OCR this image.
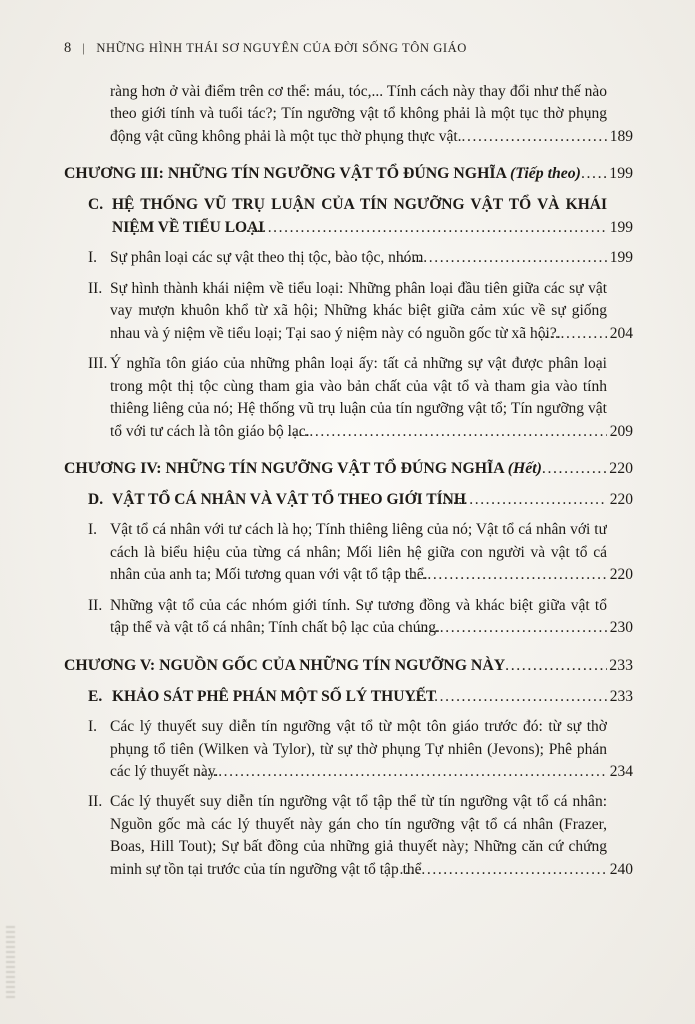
8 | NHỮNG HÌNH THÁI SƠ NGUYÊN CỦA ĐỜI SỐNG TÔN GIÁO
ràng hơn ở vài điểm trên cơ thể: máu, tóc,... Tính cách này thay đổi như thế nào theo giới tính và tuổi tác?; Tín ngưỡng vật tổ không phải là một tục thờ phụng động vật cũng không phải là một tục thờ phụng thực vật.	189
CHƯƠNG III: NHỮNG TÍN NGƯỠNG VẬT TỔ ĐÚNG NGHĨA (Tiếp theo)	199
C. HỆ THỐNG VŨ TRỤ LUẬN CỦA TÍN NGƯỠNG VẬT TỔ VÀ KHÁI NIỆM VỀ TIỂU LOẠI	199
I. Sự phân loại các sự vật theo thị tộc, bào tộc, nhóm	199
II. Sự hình thành khái niệm về tiểu loại: Những phân loại đầu tiên giữa các sự vật vay mượn khuôn khổ từ xã hội; Những khác biệt giữa cảm xúc về sự giống nhau và ý niệm về tiểu loại; Tại sao ý niệm này có nguồn gốc từ xã hội?.	204
III. Ý nghĩa tôn giáo của những phân loại ấy: tất cả những sự vật được phân loại trong một thị tộc cùng tham gia vào bản chất của vật tổ và tham gia vào tính thiêng liêng của nó; Hệ thống vũ trụ luận của tín ngưỡng vật tổ; Tín ngưỡng vật tổ với tư cách là tôn giáo bộ lạc.	209
CHƯƠNG IV: NHỮNG TÍN NGƯỠNG VẬT TỔ ĐÚNG NGHĨA (Hết)	220
D. VẬT TỔ CÁ NHÂN VÀ VẬT TỔ THEO GIỚI TÍNH	220
I. Vật tổ cá nhân với tư cách là họ; Tính thiêng liêng của nó; Vật tổ cá nhân với tư cách là biểu hiệu của từng cá nhân; Mối liên hệ giữa con người và vật tổ cá nhân của anh ta; Mối tương quan với vật tổ tập thể.	220
II. Những vật tổ của các nhóm giới tính. Sự tương đồng và khác biệt giữa vật tổ tập thể và vật tổ cá nhân; Tính chất bộ lạc của chúng.	230
CHƯƠNG V: NGUỒN GỐC CỦA NHỮNG TÍN NGƯỠNG NÀY	233
E. KHẢO SÁT PHÊ PHÁN MỘT SỐ LÝ THUYẾT	233
I. Các lý thuyết suy diễn tín ngưỡng vật tổ từ một tôn giáo trước đó: từ sự thờ phụng tổ tiên (Wilken và Tylor), từ sự thờ phụng Tự nhiên (Jevons); Phê phán các lý thuyết này.	234
II. Các lý thuyết suy diễn tín ngưỡng vật tổ tập thể từ tín ngưỡng vật tổ cá nhân: Nguồn gốc mà các lý thuyết này gán cho tín ngưỡng vật tổ cá nhân (Frazer, Boas, Hill Tout); Sự bất đồng của những giả thuyết này; Những căn cứ chứng minh sự tồn tại trước của tín ngưỡng vật tổ tập thể	240
